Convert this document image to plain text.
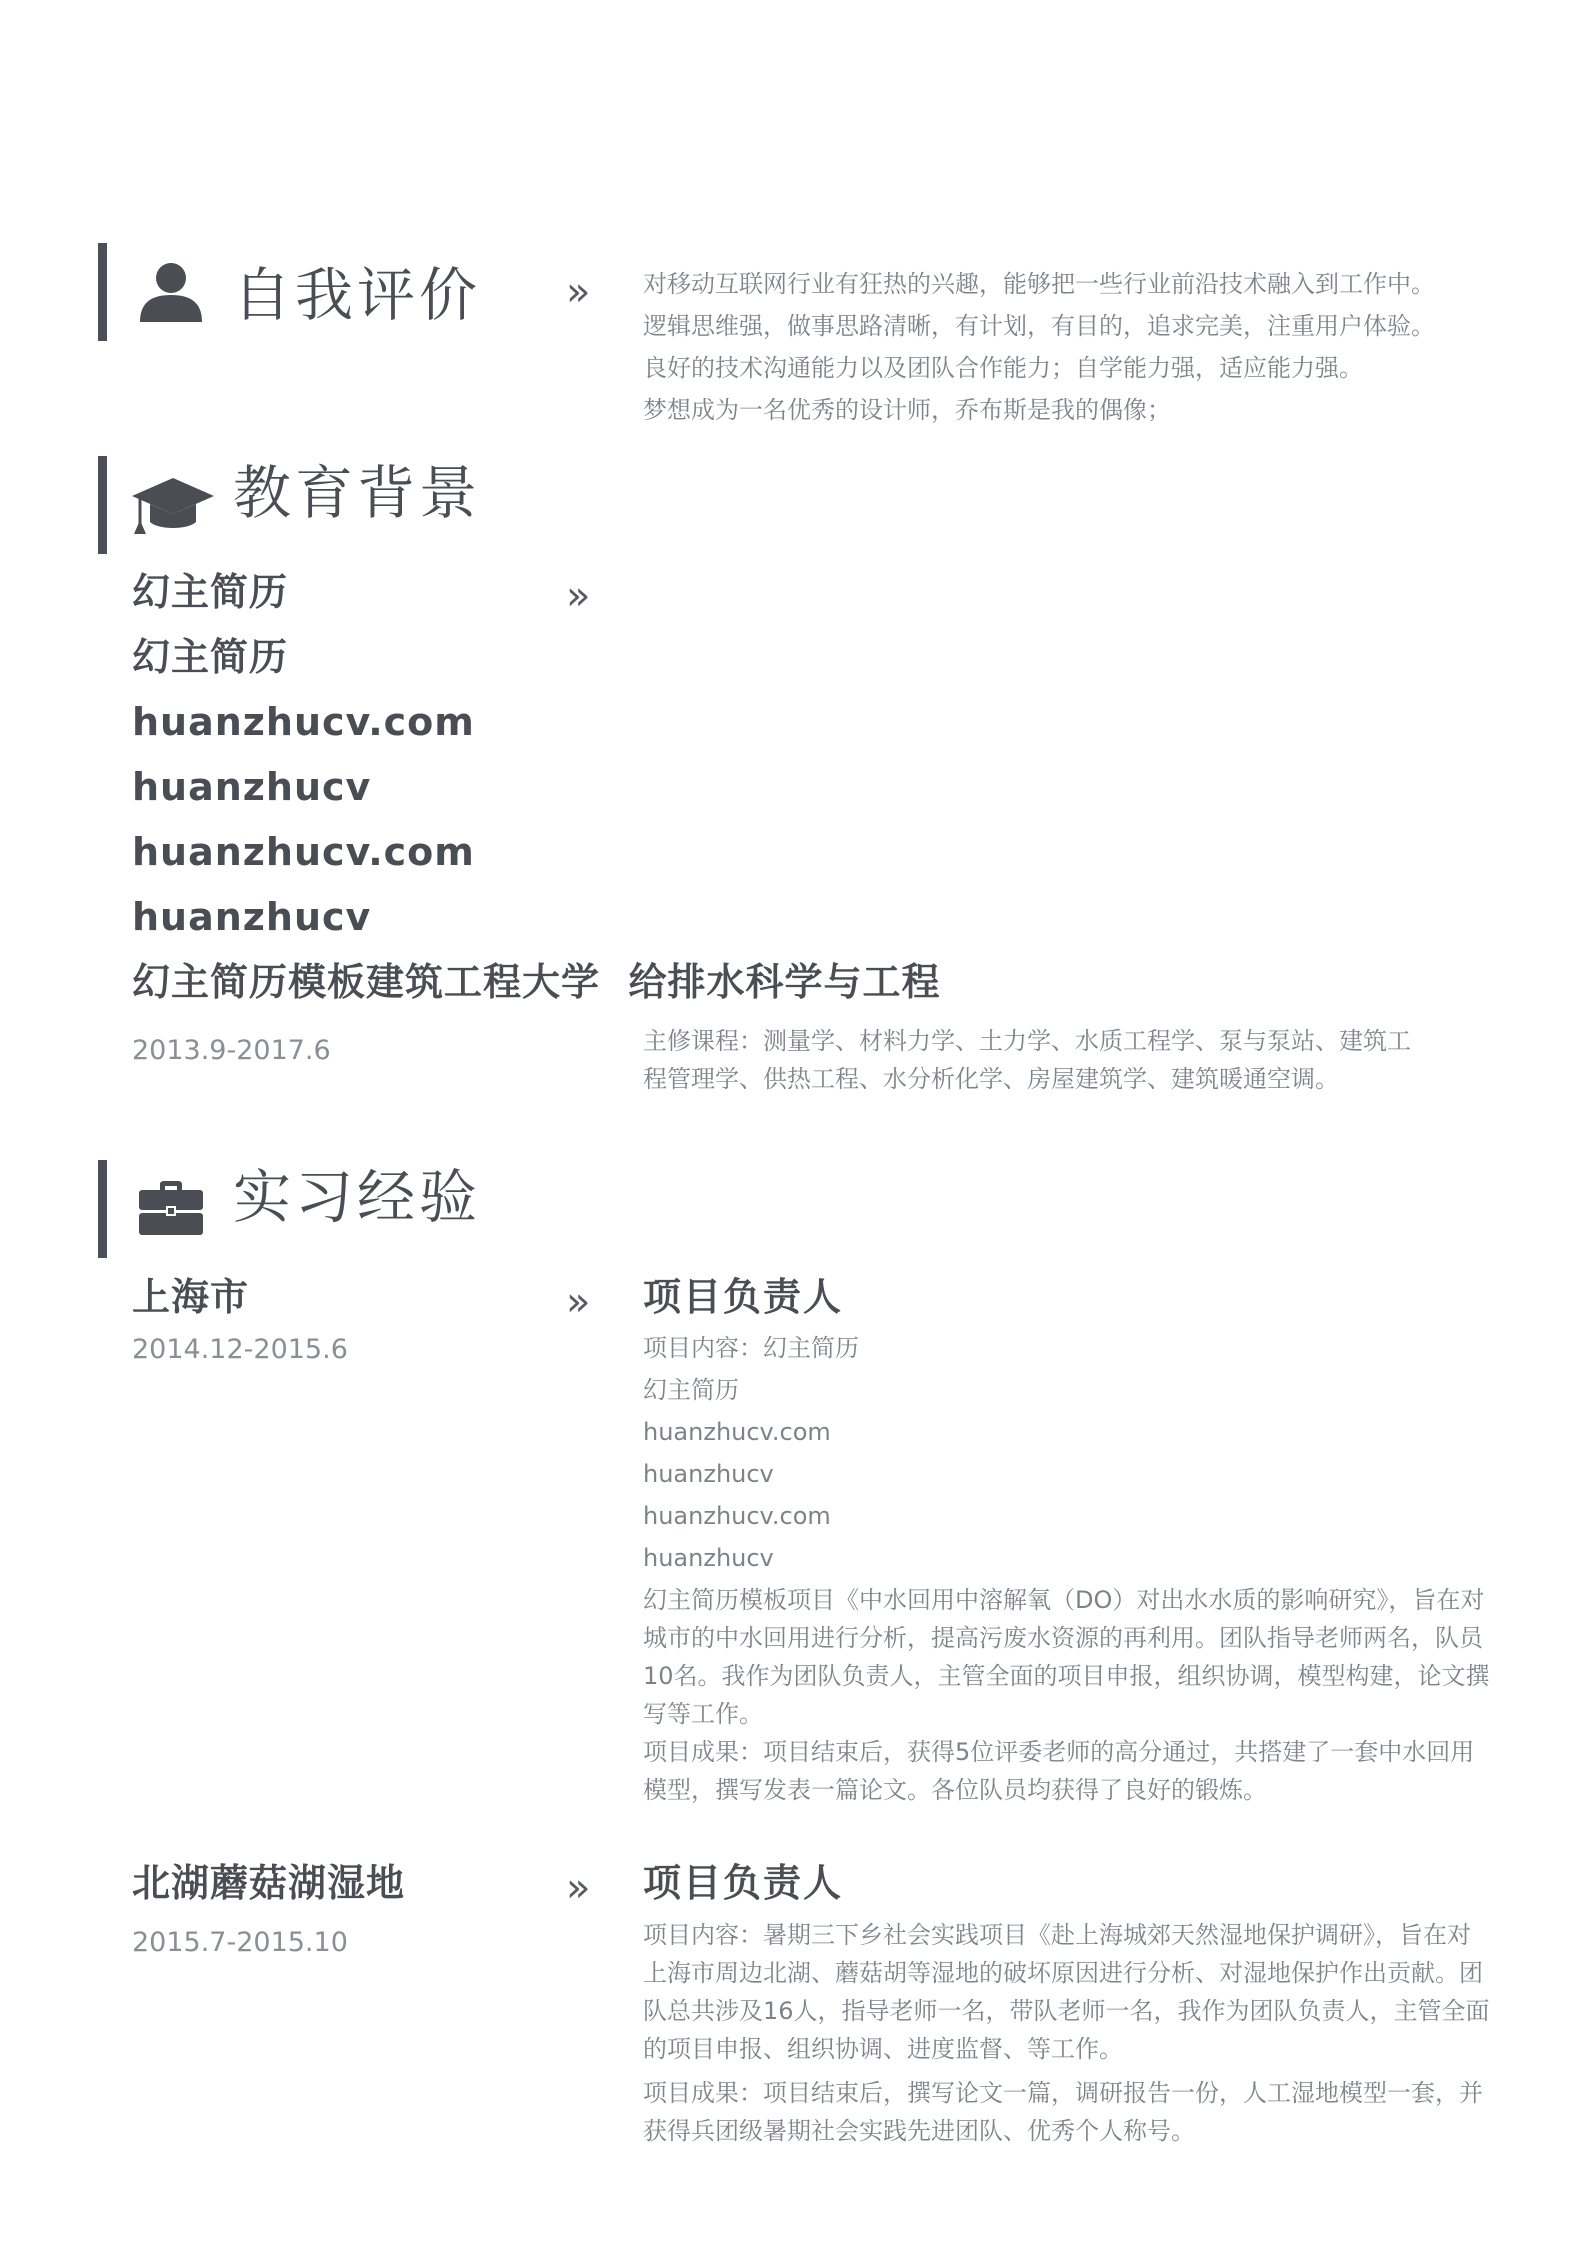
自我评价 » 对移动互联网行业有狂热的兴趣，能够把一些行业前沿技术融入到工作中。
逻辑思维强，做事思路清晰，有计划，有目的，追求完美，注重用户体验。
良好的技术沟通能力以及团队合作能力；自学能力强，适应能力强。
梦想成为一名优秀的设计师，乔布斯是我的偶像；
教育背景
»
幻主简历
幻主简历
huanzhucv.com
huanzhucv
huanzhucv.com
huanzhucv
幻主简历模板建筑工程大学  给排水科学与工程
2013.9-2017.6	主修课程：测量学、材料力学、土力学、水质工程学、泵与泵站、建筑工程管理学、供热工程、水分析化学、房屋建筑学、建筑暖通空调。
实习经验
上海市
2014.12-2015.6
» 项目负责人
项目内容：幻主简历
幻主简历
huanzhucv.com
huanzhucv
huanzhucv.com
huanzhucv

幻主简历模板项目《中水回用中溶解氧（DO）对出水水质的影响研究》，旨在对城市的中水回用进行分析，提高污废水资源的再利用。团队指导老师两名，队员10名。我作为团队负责人，主管全面的项目申报，组织协调，模型构建，论文撰写等工作。

项目成果：项目结束后，获得5位评委老师的高分通过，共搭建了一套中水回用模型，撰写发表一篇论文。各位队员均获得了良好的锻炼。

北湖蘑菇湖湿地
2015.7-2015.10
» 项目负责人

项目内容：暑期三下乡社会实践项目《赴上海城郊天然湿地保护调研》，旨在对上海市周边北湖、蘑菇胡等湿地的破坏原因进行分析、对湿地保护作出贡献。团队总共涉及16人，指导老师一名，带队老师一名，我作为团队负责人，主管全面的项目申报、组织协调、进度监督、等工作。

项目成果：项目结束后，撰写论文一篇，调研报告一份，人工湿地模型一套，并获得兵团级暑期社会实践先进团队、优秀个人称号。
